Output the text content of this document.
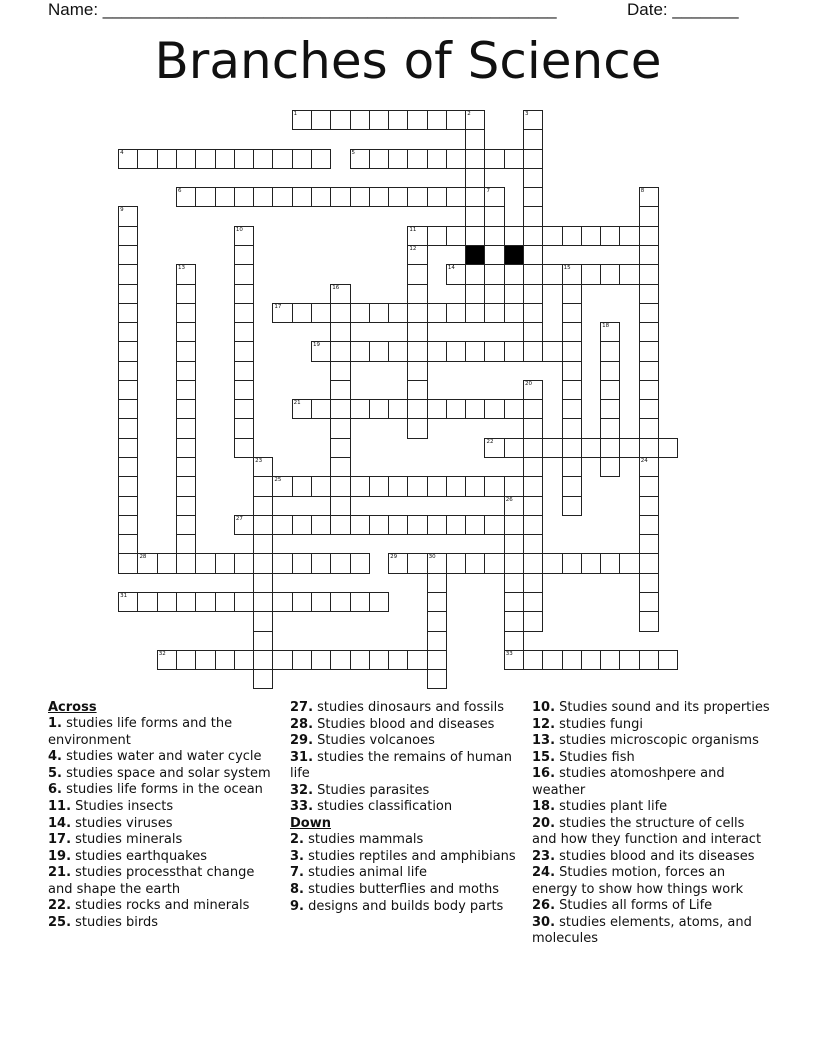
Name: ________________________________________________	Date: _______
Branches of Science
1	2	3
4	5
6	7	8
9
10	11
12
13	14	15
16
17
18
19
20
21
22
23	24
25
26
27
28	29	30
31
32	33
Across
1. studies life forms and the environment
4. studies water and water cycle
5. studies space and solar system
6. studies life forms in the ocean
11. Studies insects
14. studies viruses
17. studies minerals
19. studies earthquakes
21. studies processthat change and shape the earth
22. studies rocks and minerals
25. studies birds
27. studies dinosaurs and fossils
28. Studies blood and diseases
29. Studies volcanoes
31. studies the remains of human life
32. Studies parasites
33. studies classification
Down
2. studies mammals
3. studies reptiles and amphibians
7. studies animal life
8. studies butterflies and moths
9. designs and builds body parts
10. Studies sound and its properties
12. studies fungi
13. studies microscopic organisms
15. Studies fish
16. studies atomoshpere and weather
18. studies plant life
20. studies the structure of cells and how they function and interact
23. studies blood and its diseases
24. Studies motion, forces an energy to show how things work
26. Studies all forms of Life
30. studies elements, atoms, and molecules
